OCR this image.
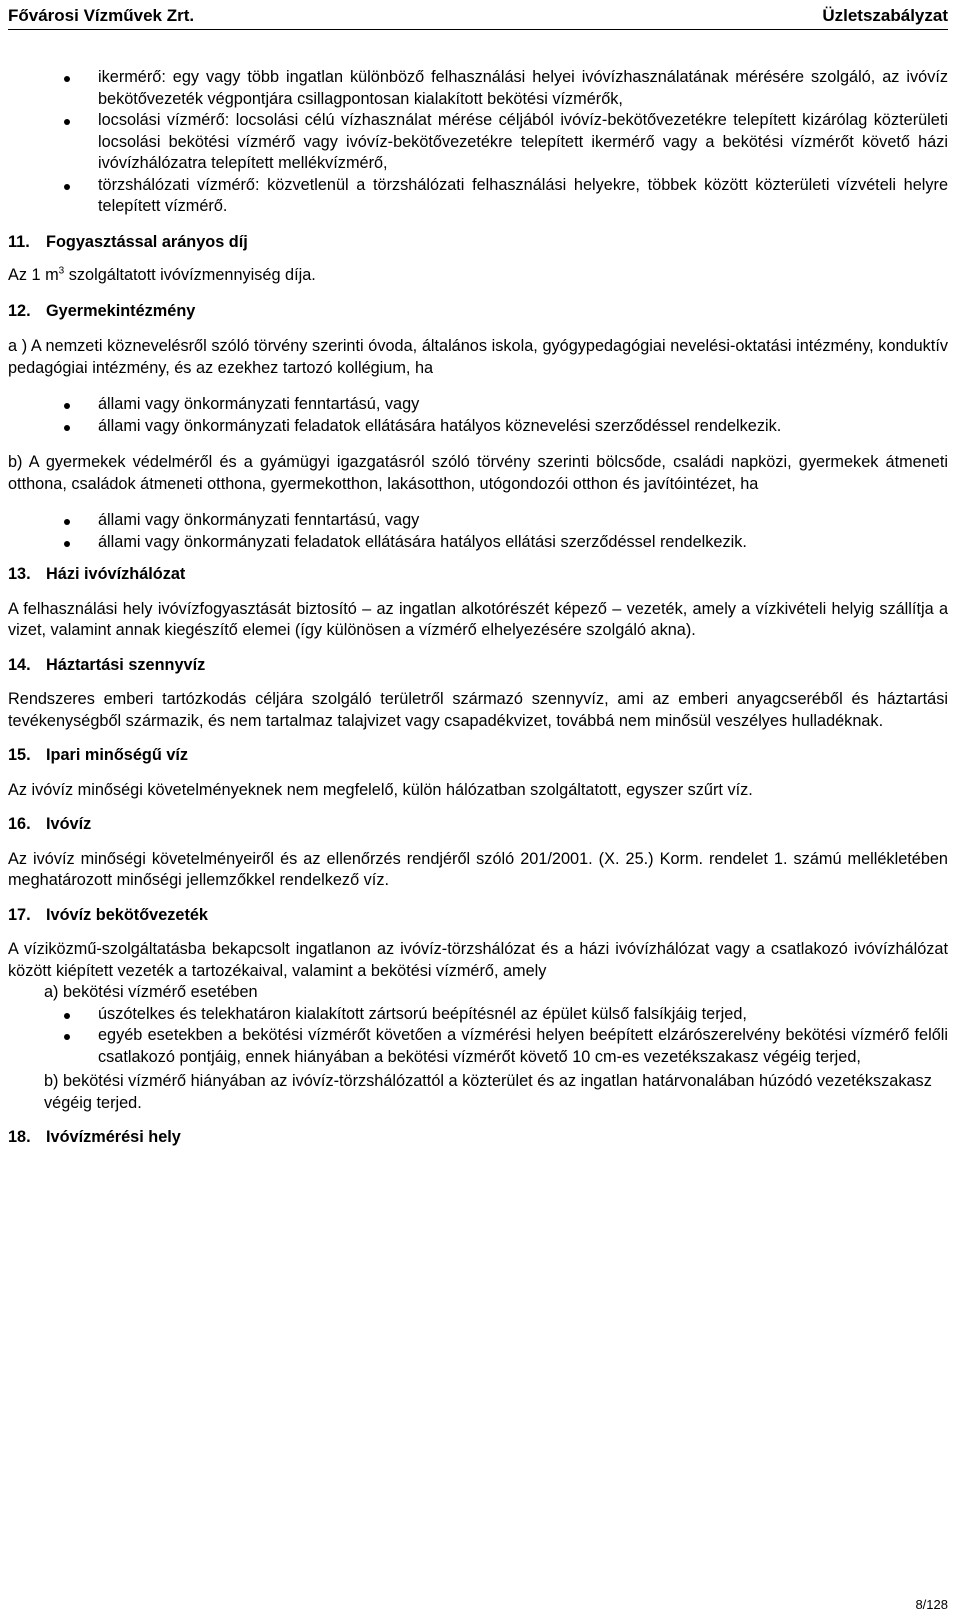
Fővárosi Vízművek Zrt.	Üzletszabályzat
ikermérő: egy vagy több ingatlan különböző felhasználási helyei ivóvízhasználatának mérésére szolgáló, az ivóvíz bekötővezeték végpontjára csillagpontosan kialakított bekötési vízmérők,
locsolási vízmérő: locsolási célú vízhasználat mérése céljából ivóvíz-bekötővezetékre telepített kizárólag közterületi locsolási bekötési vízmérő vagy ivóvíz-bekötővezetékre telepített ikermérő vagy a bekötési vízmérőt követő házi ivóvízhálózatra telepített mellékvízmérő,
törzshálózati vízmérő: közvetlenül a törzshálózati felhasználási helyekre, többek között közterületi vízvételi helyre telepített vízmérő.

11. Fogyasztással arányos díj

Az 1 $m^3$ szolgáltatott ivóvízmennyiség díja.

12. Gyermekintézmény

a ) A nemzeti köznevelésről szóló törvény szerinti óvoda, általános iskola, gyógypedagógiai nevelési-oktatási intézmény, konduktív pedagógiai intézmény, és az ezekhez tartozó kollégium, ha

állami vagy önkormányzati fenntartású, vagy
állami vagy önkormányzati feladatok ellátására hatályos köznevelési szerződéssel rendelkezik.

b) A gyermekek védelméről és a gyámügyi igazgatásról szóló törvény szerinti bölcsőde, családi napközi, gyermekek átmeneti otthona, családok átmeneti otthona, gyermekotthon, lakásotthon, utógondozói otthon és javítóintézet, ha

állami vagy önkormányzati fenntartású, vagy
állami vagy önkormányzati feladatok ellátására hatályos ellátási szerződéssel rendelkezik.

13. Házi ivóvízhálózat

A felhasználási hely ivóvízfogyasztását biztosító – az ingatlan alkotórészét képező – vezeték, amely a vízkivételi helyig szállítja a vizet, valamint annak kiegészítő elemei (így különösen a vízmérő elhelyezésére szolgáló akna).

14. Háztartási szennyvíz

Rendszeres emberi tartózkodás céljára szolgáló területről származó szennyvíz, ami az emberi anyagcseréből és háztartási tevékenységből származik, és nem tartalmaz talajvizet vagy csapadékvizet, továbbá nem minősül veszélyes hulladéknak.

15. Ipari minőségű víz

Az ivóvíz minőségi követelményeknek nem megfelelő, külön hálózatban szolgáltatott, egyszer szűrt víz.

16. Ivóvíz

Az ivóvíz minőségi követelményeiről és az ellenőrzés rendjéről szóló 201/2001. (X. 25.) Korm. rendelet 1. számú mellékletében meghatározott minőségi jellemzőkkel rendelkező víz.

17. Ivóvíz bekötővezeték

A víziközmű-szolgáltatásba bekapcsolt ingatlanon az ivóvíz-törzshálózat és a házi ivóvízhálózat vagy a csatlakozó ivóvízhálózat között kiépített vezeték a tartozékaival, valamint a bekötési vízmérő, amely

a) bekötési vízmérő esetében

úszótelkes és telekhatáron kialakított zártsorú beépítésnél az épület külső falsíkjáig terjed,
egyéb esetekben a bekötési vízmérőt követően a vízmérési helyen beépített elzárószerelvény bekötési vízmérő felőli csatlakozó pontjáig, ennek hiányában a bekötési vízmérőt követő 10 cm-es vezetékszakasz végéig terjed,

b) bekötési vízmérő hiányában az ivóvíz-törzshálózattól a közterület és az ingatlan határvonalában húzódó vezetékszakasz végéig terjed.

18. Ivóvízmérési hely

8/128
